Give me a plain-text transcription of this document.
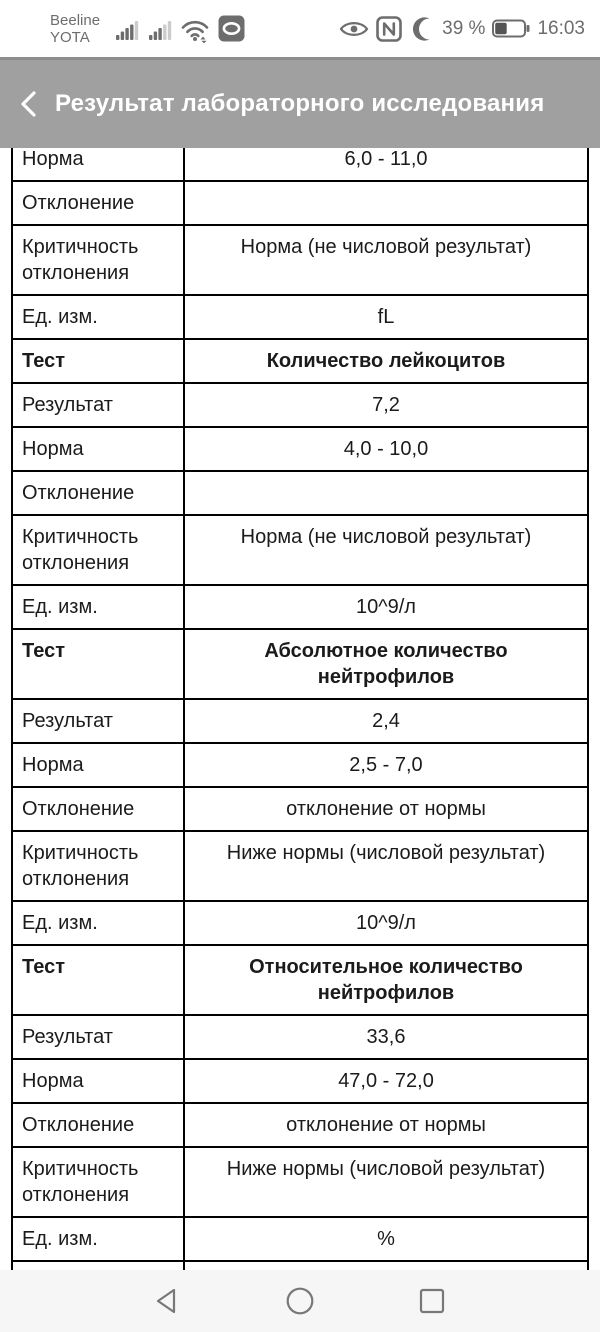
Beeline
YOTA	39 %	16:03
Результат лабораторного исследования
Норма	6,0 - 11,0
Отклонение	
Критичность отклонения	Норма (не числовой результат)
Ед. изм.	fL
Тест	Количество лейкоцитов
Результат	7,2
Норма	4,0 - 10,0
Отклонение	
Критичность отклонения	Норма (не числовой результат)
Ед. изм.	10^9/л
Тест	Абсолютное количество нейтрофилов
Результат	2,4
Норма	2,5 - 7,0
Отклонение	отклонение от нормы
Критичность отклонения	Ниже нормы (числовой результат)
Ед. изм.	10^9/л
Тест	Относительное количество нейтрофилов
Результат	33,6
Норма	47,0 - 72,0
Отклонение	отклонение от нормы
Критичность отклонения	Ниже нормы (числовой результат)
Ед. изм.	%
